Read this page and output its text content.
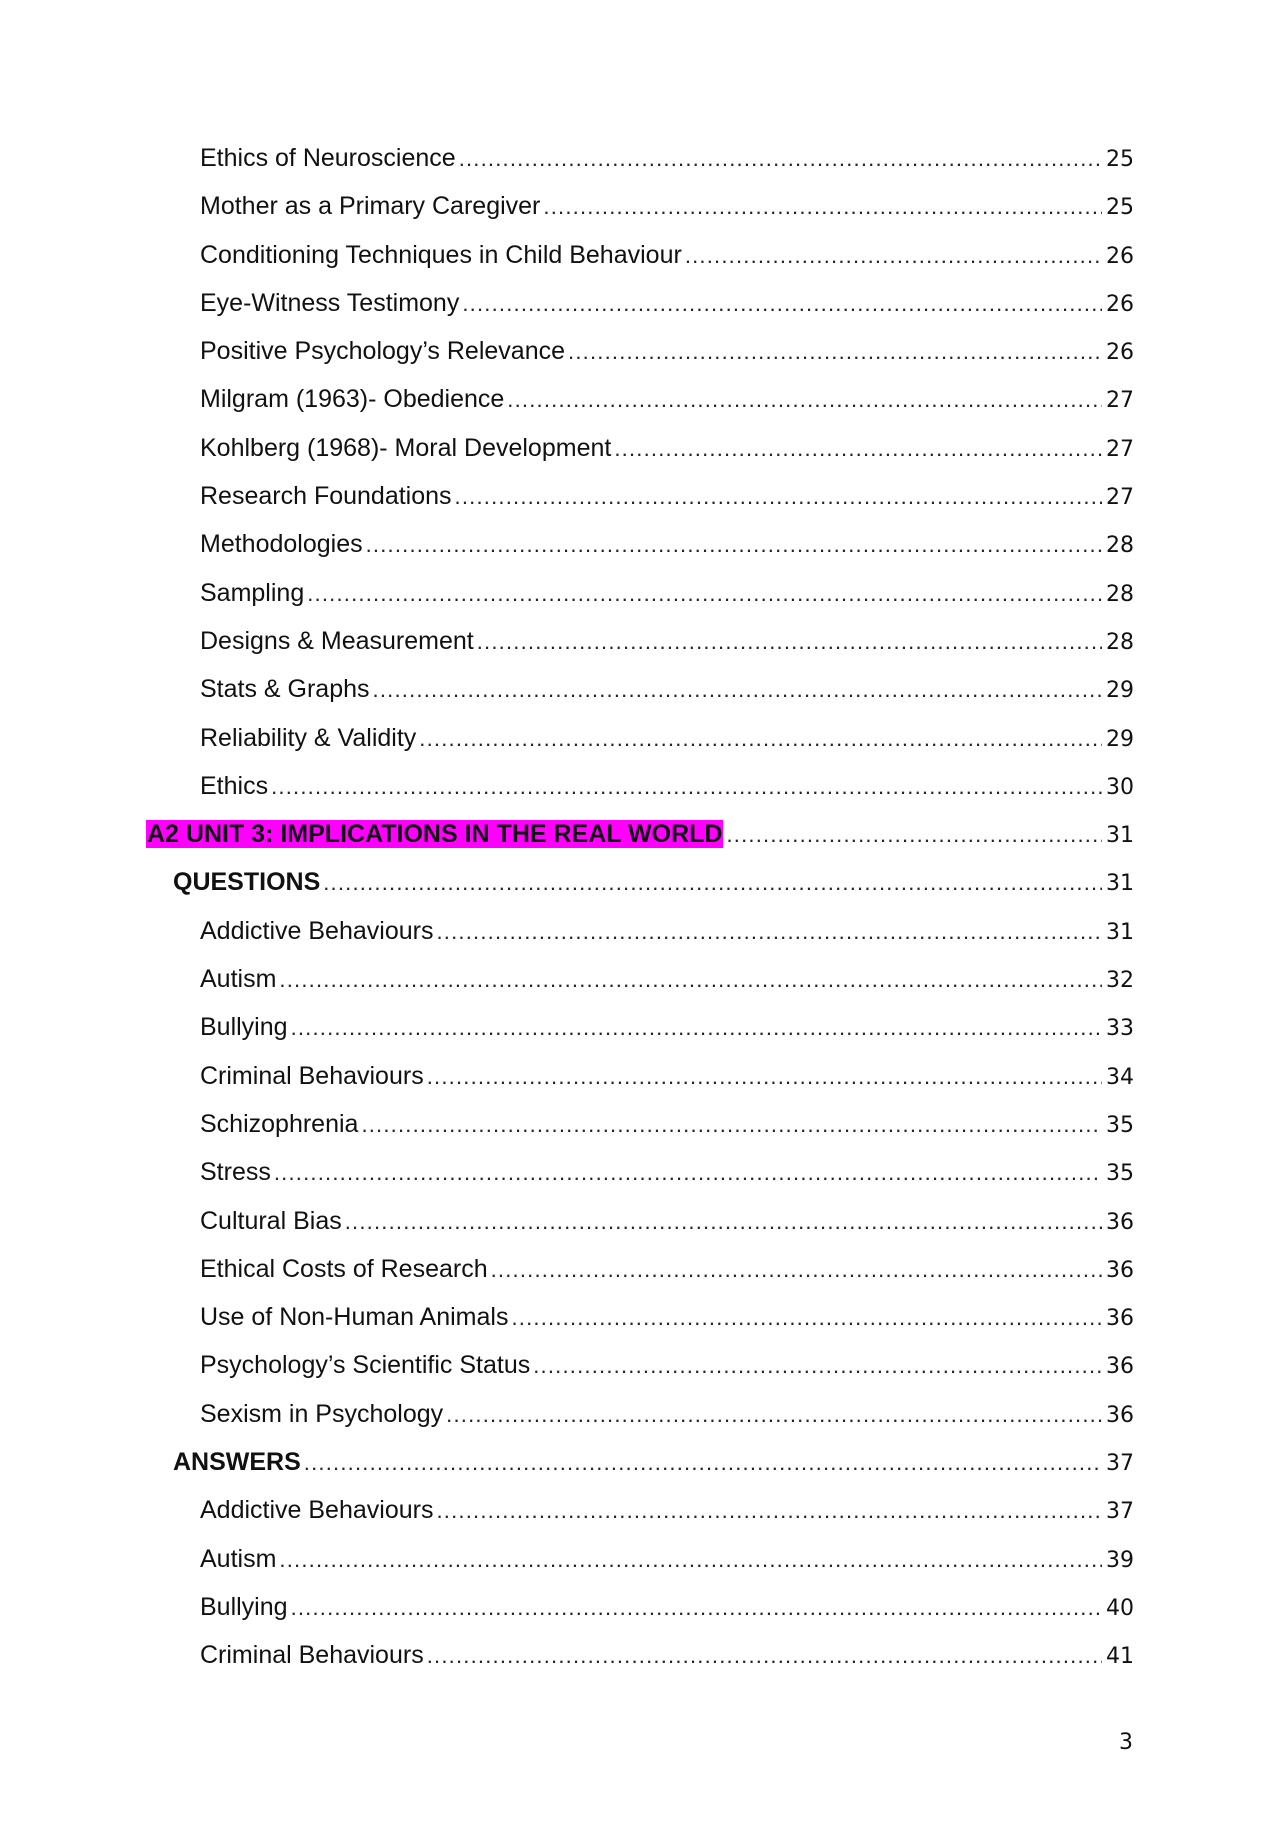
Ethics of Neuroscience .....	25
Mother as a Primary Caregiver .....	25
Conditioning Techniques in Child Behaviour .....	26
Eye-Witness Testimony .....	26
Positive Psychology’s Relevance .....	26
Milgram (1963)- Obedience .....	27
Kohlberg (1968)- Moral Development .....	27
Research Foundations .....	27
Methodologies .....	28
Sampling .....	28
Designs & Measurement .....	28
Stats & Graphs .....	29
Reliability & Validity .....	29
Ethics .....	30
A2 UNIT 3: IMPLICATIONS IN THE REAL WORLD .....	31
QUESTIONS .....	31
Addictive Behaviours .....	31
Autism .....	32
Bullying .....	33
Criminal Behaviours .....	34
Schizophrenia .....	35
Stress .....	35
Cultural Bias .....	36
Ethical Costs of Research .....	36
Use of Non-Human Animals .....	36
Psychology’s Scientific Status .....	36
Sexism in Psychology .....	36
ANSWERS .....	37
Addictive Behaviours .....	37
Autism .....	39
Bullying .....	40
Criminal Behaviours .....	41
3
